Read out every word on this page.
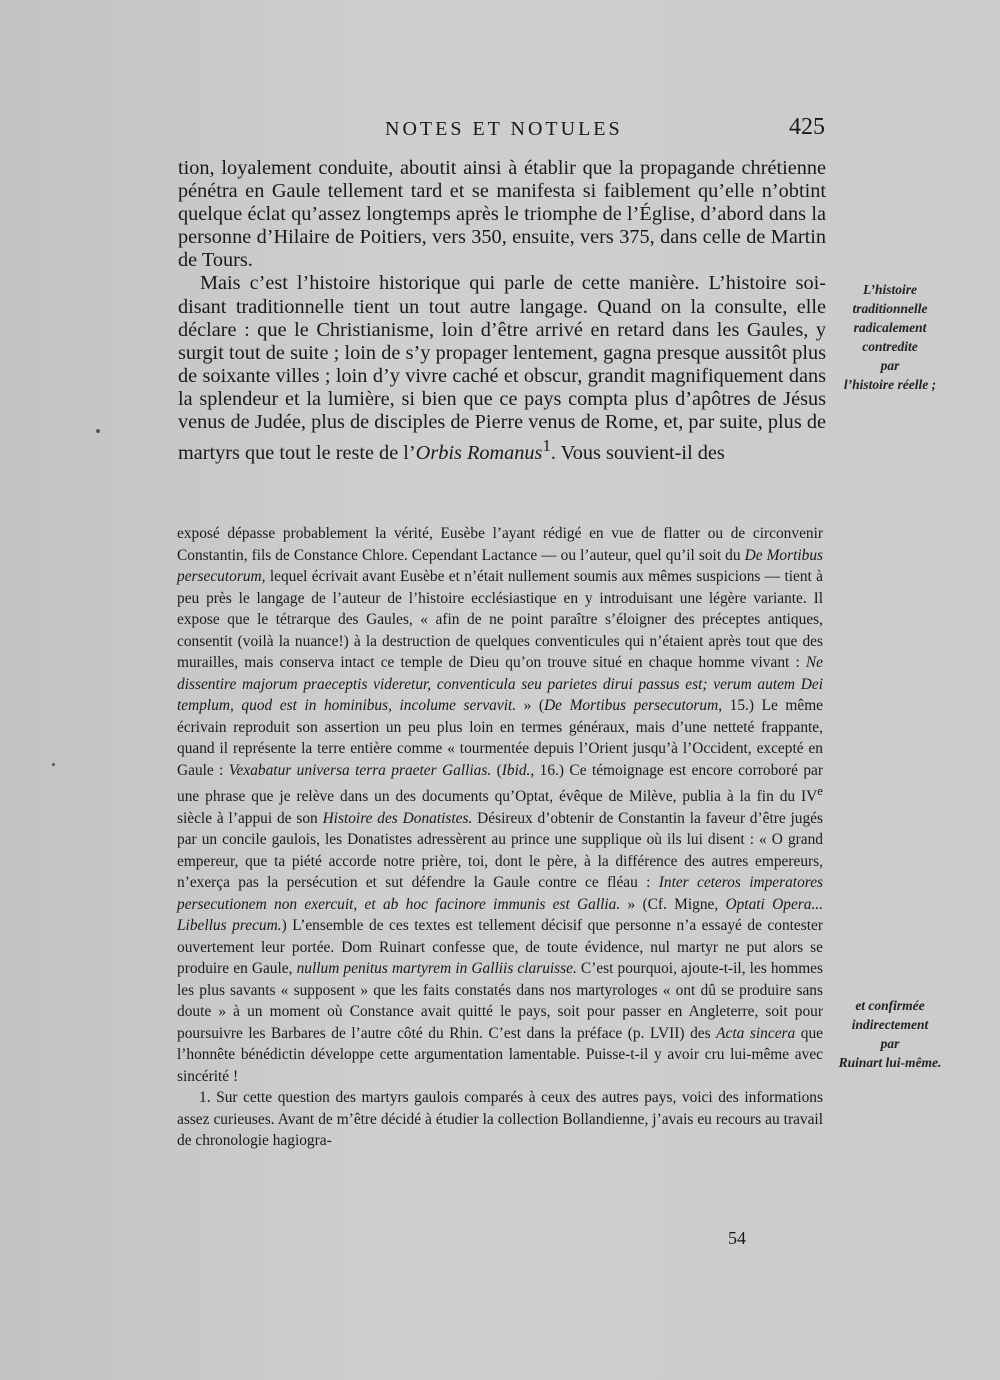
NOTES ET NOTULES	425

tion, loyalement conduite, aboutit ainsi à établir que la propagande chrétienne pénétra en Gaule tellement tard et se manifesta si faiblement qu’elle n’obtint quelque éclat qu’assez longtemps après le triomphe de l’Église, d’abord dans la personne d’Hilaire de Poitiers, vers 350, ensuite, vers 375, dans celle de Martin de Tours.

Mais c’est l’histoire historique qui parle de cette manière. L’histoire soi-disant traditionnelle tient un tout autre langage. Quand on la consulte, elle déclare : que le Christianisme, loin d’être arrivé en retard dans les Gaules, y surgit tout de suite ; loin de s’y propager lentement, gagna presque aussitôt plus de soixante villes ; loin d’y vivre caché et obscur, grandit magnifiquement dans la splendeur et la lumière, si bien que ce pays compta plus d’apôtres de Jésus venus de Judée, plus de disciples de Pierre venus de Rome, et, par suite, plus de martyrs que tout le reste de l’Orbis Romanus$^1$. Vous souvient-il des

L’histoire
traditionnelle
radicalement
contredite
par
l’histoire réelle ;

exposé dépasse probablement la vérité, Eusèbe l’ayant rédigé en vue de flatter ou de circonvenir Constantin, fils de Constance Chlore. Cependant Lactance — ou l’auteur, quel qu’il soit du De Mortibus persecutorum, lequel écrivait avant Eusèbe et n’était nullement soumis aux mêmes suspicions — tient à peu près le langage de l’auteur de l’histoire ecclésiastique en y introduisant une légère variante. Il expose que le tétrarque des Gaules, « afin de ne point paraître s’éloigner des préceptes antiques, consentit (voilà la nuance!) à la destruction de quelques conventicules qui n’étaient après tout que des murailles, mais conserva intact ce temple de Dieu qu’on trouve situé en chaque homme vivant : Ne dissentire majorum praeceptis videretur, conventicula seu parietes dirui passus est; verum autem Dei templum, quod est in hominibus, incolume servavit. » (De Mortibus persecutorum, 15.) Le même écrivain reproduit son assertion un peu plus loin en termes généraux, mais d’une netteté frappante, quand il représente la terre entière comme « tourmentée depuis l’Orient jusqu’à l’Occident, excepté en Gaule : Vexabatur universa terra praeter Gallias. (Ibid., 16.) Ce témoignage est encore corroboré par une phrase que je relève dans un des documents qu’Optat, évêque de Milève, publia à la fin du IVe siècle à l’appui de son Histoire des Donatistes. Désireux d’obtenir de Constantin la faveur d’être jugés par un concile gaulois, les Donatistes adressèrent au prince une supplique où ils lui disent : « O grand empereur, que ta piété accorde notre prière, toi, dont le père, à la différence des autres empereurs, n’exerça pas la persécution et sut défendre la Gaule contre ce fléau : Inter ceteros imperatores persecutionem non exercuit, et ab hoc facinore immunis est Gallia. » (Cf. Migne, Optati Opera... Libellus precum.) L’ensemble de ces textes est tellement décisif que personne n’a essayé de contester ouvertement leur portée. Dom Ruinart confesse que, de toute évidence, nul martyr ne put alors se produire en Gaule, nullum penitus martyrem in Galliis claruisse. C’est pourquoi, ajoute-t-il, les hommes les plus savants « supposent » que les faits constatés dans nos martyrologes « ont dû se produire sans doute » à un moment où Constance avait quitté le pays, soit pour passer en Angleterre, soit pour poursuivre les Barbares de l’autre côté du Rhin. C’est dans la préface (p. LVII) des Acta sincera que l’honnête bénédictin développe cette argumentation lamentable. Puisse-t-il y avoir cru lui-même avec sincérité !

1. Sur cette question des martyrs gaulois comparés à ceux des autres pays, voici des informations assez curieuses. Avant de m’être décidé à étudier la collection Bollandienne, j’avais eu recours au travail de chronologie hagiogra-

et confirmée
indirectement
par
Ruinart lui-même.
54
